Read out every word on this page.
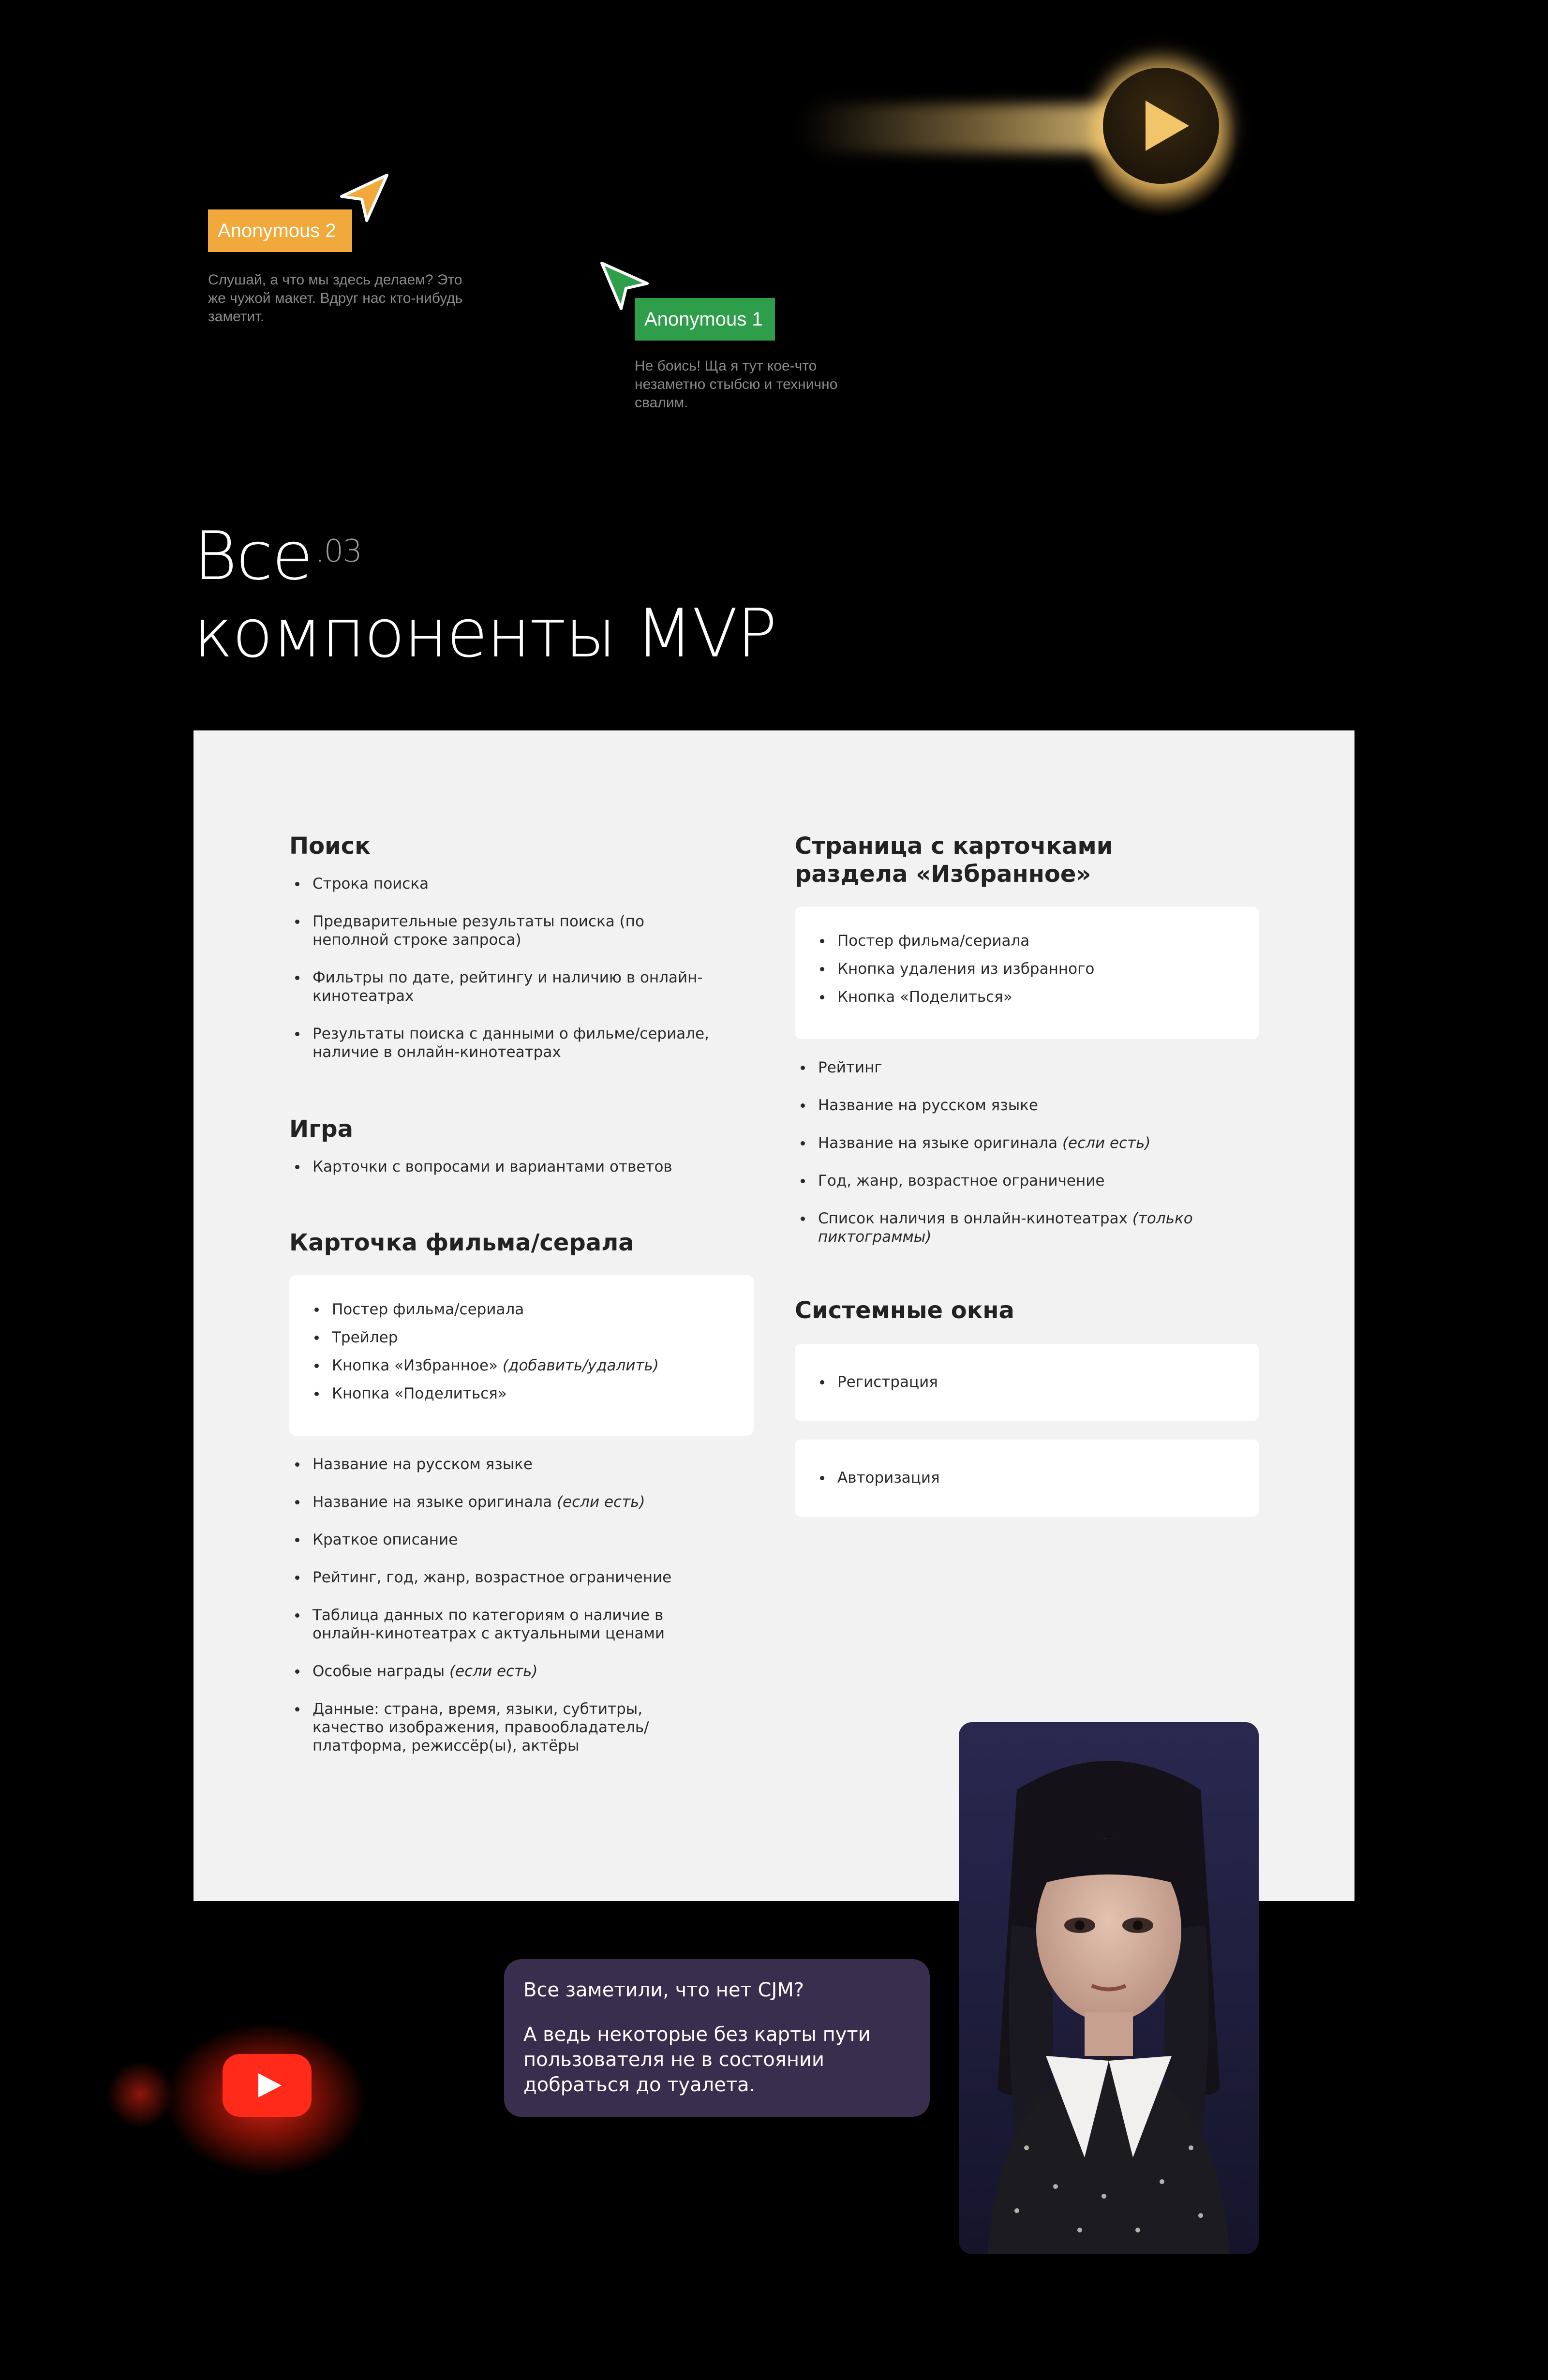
Anonymous 2
Слушай, а что мы здесь делаем? Это же чужой макет. Вдруг нас кто-нибудь заметит.	Anonymous 1
Не боись! Ща я тут кое-что незаметно стыбсю и технично свалим.
Все$^{.03}$
компоненты MVP
Поиск
Строка поиска
Предварительные результаты поиска (по неполной строке запроса)
Фильтры по дате, рейтингу и наличию в онлайн-кинотеатрах
Результаты поиска с данными о фильме/сериале, наличие в онлайн-кинотеатрах
Игра
Карточки с вопросами и вариантами ответов
Карточка фильма/серала
Постер фильма/сериала
Трейлер
Кнопка «Избранное» (добавить/удалить)
Кнопка «Поделиться»
Название на русском языке
Название на языке оригинала (если есть)
Краткое описание
Рейтинг, год, жанр, возрастное ограничение
Таблица данных по категориям о наличие в онлайн-кинотеатрах с актуальными ценами
Особые награды (если есть)
Данные: страна, время, языки, субтитры, качество изображения, правообладатель/платформа, режиссёр(ы), актёры
Страница с карточками раздела «Избранное»
Постер фильма/сериала
Кнопка удаления из избранного
Кнопка «Поделиться»
Рейтинг
Название на русском языке
Название на языке оригинала (если есть)
Год, жанр, возрастное ограничение
Список наличия в онлайн-кинотеатрах (только пиктограммы)
Системные окна
Регистрация
Авторизация

Все заметили, что нет CJM?

А ведь некоторые без карты пути пользователя не в состоянии добраться до туалета.
